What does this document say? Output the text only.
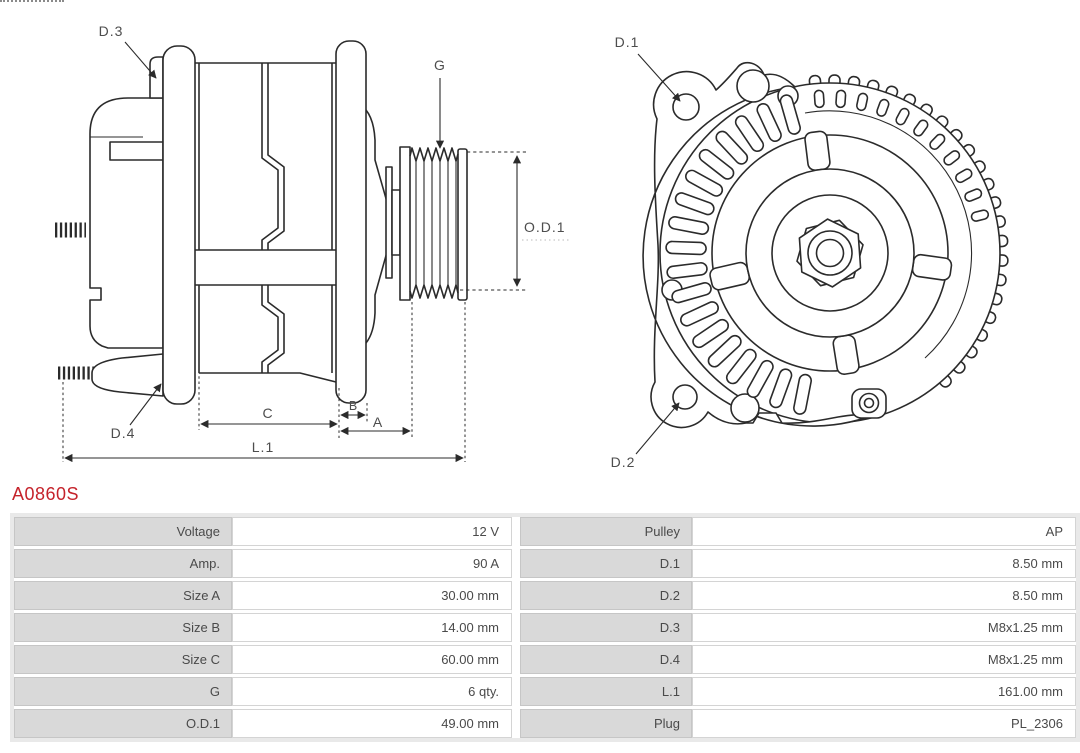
D.3
G
D.4
O.D.1
C	B
A
L.1
D.1
D.2
A0860S
Voltage	12 V	Pulley	AP
Amp.	90 A	D.1	8.50 mm
Size A	30.00 mm	D.2	8.50 mm
Size B	14.00 mm	D.3	M8x1.25 mm
Size C	60.00 mm	D.4	M8x1.25 mm
G	6 qty.	L.1	161.00 mm
O.D.1	49.00 mm	Plug	PL_2306
